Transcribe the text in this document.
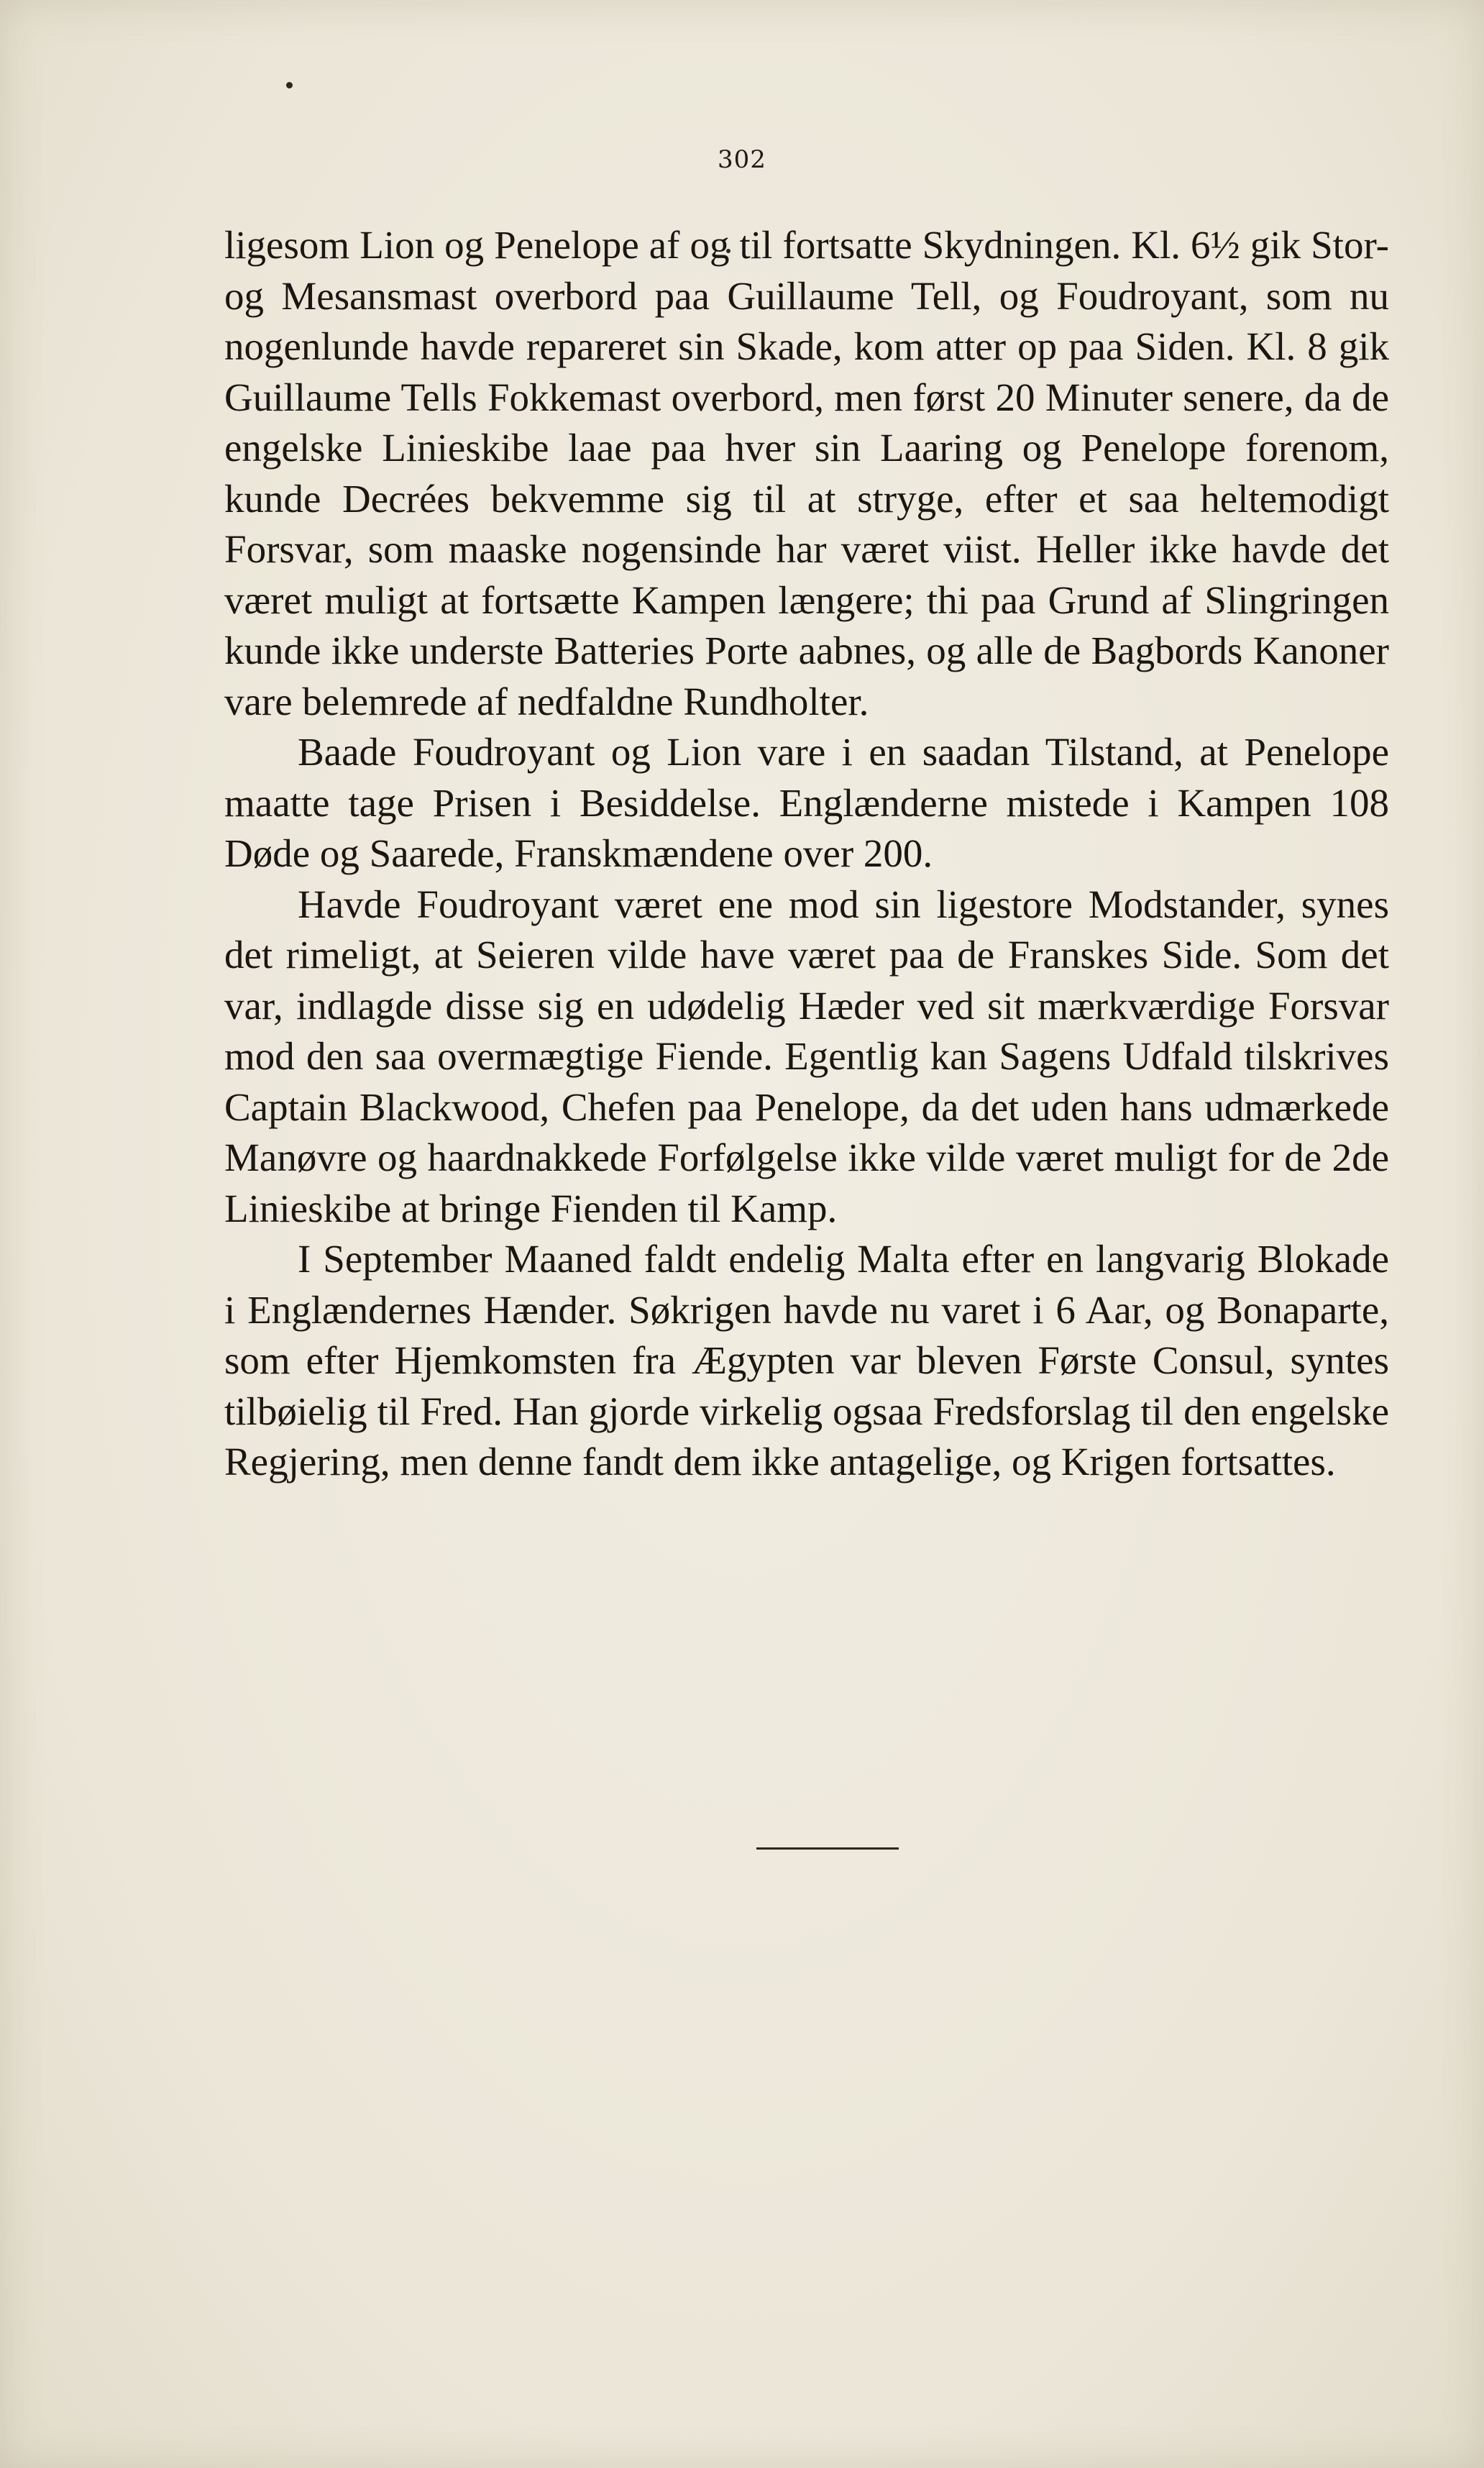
302

ligesom Lion og Penelope af og til fortsatte Skydningen. Kl. 6½ gik Stor- og Mesansmast overbord paa Guillaume Tell, og Foudroyant, som nu nogenlunde havde repareret sin Skade, kom atter op paa Siden. Kl. 8 gik Guillaume Tells Fokkemast overbord, men først 20 Minuter senere, da de engelske Linieskibe laae paa hver sin Laaring og Penelope forenom, kunde Decrées bekvemme sig til at stryge, efter et saa heltemodigt Forsvar, som maaske nogensinde har været viist. Heller ikke havde det været muligt at fortsætte Kampen længere; thi paa Grund af Slingringen kunde ikke underste Batteries Porte aabnes, og alle de Bagbords Kanoner vare belemrede af nedfaldne Rundholter.

Baade Foudroyant og Lion vare i en saadan Tilstand, at Penelope maatte tage Prisen i Besiddelse. Englænderne mistede i Kampen 108 Døde og Saarede, Franskmændene over 200.

Havde Foudroyant været ene mod sin ligestore Modstander, synes det rimeligt, at Seieren vilde have været paa de Franskes Side. Som det var, indlagde disse sig en udødelig Hæder ved sit mærkværdige Forsvar mod den saa overmægtige Fiende. Egentlig kan Sagens Udfald tilskrives Captain Blackwood, Chefen paa Penelope, da det uden hans udmærkede Manøvre og haardnakkede Forfølgelse ikke vilde været muligt for de 2de Linieskibe at bringe Fienden til Kamp.

I September Maaned faldt endelig Malta efter en langvarig Blokade i Englændernes Hænder. Søkrigen havde nu varet i 6 Aar, og Bonaparte, som efter Hjemkomsten fra Ægypten var bleven Første Consul, syntes tilbøielig til Fred. Han gjorde virkelig ogsaa Fredsforslag til den engelske Regjering, men denne fandt dem ikke antagelige, og Krigen fortsattes.
